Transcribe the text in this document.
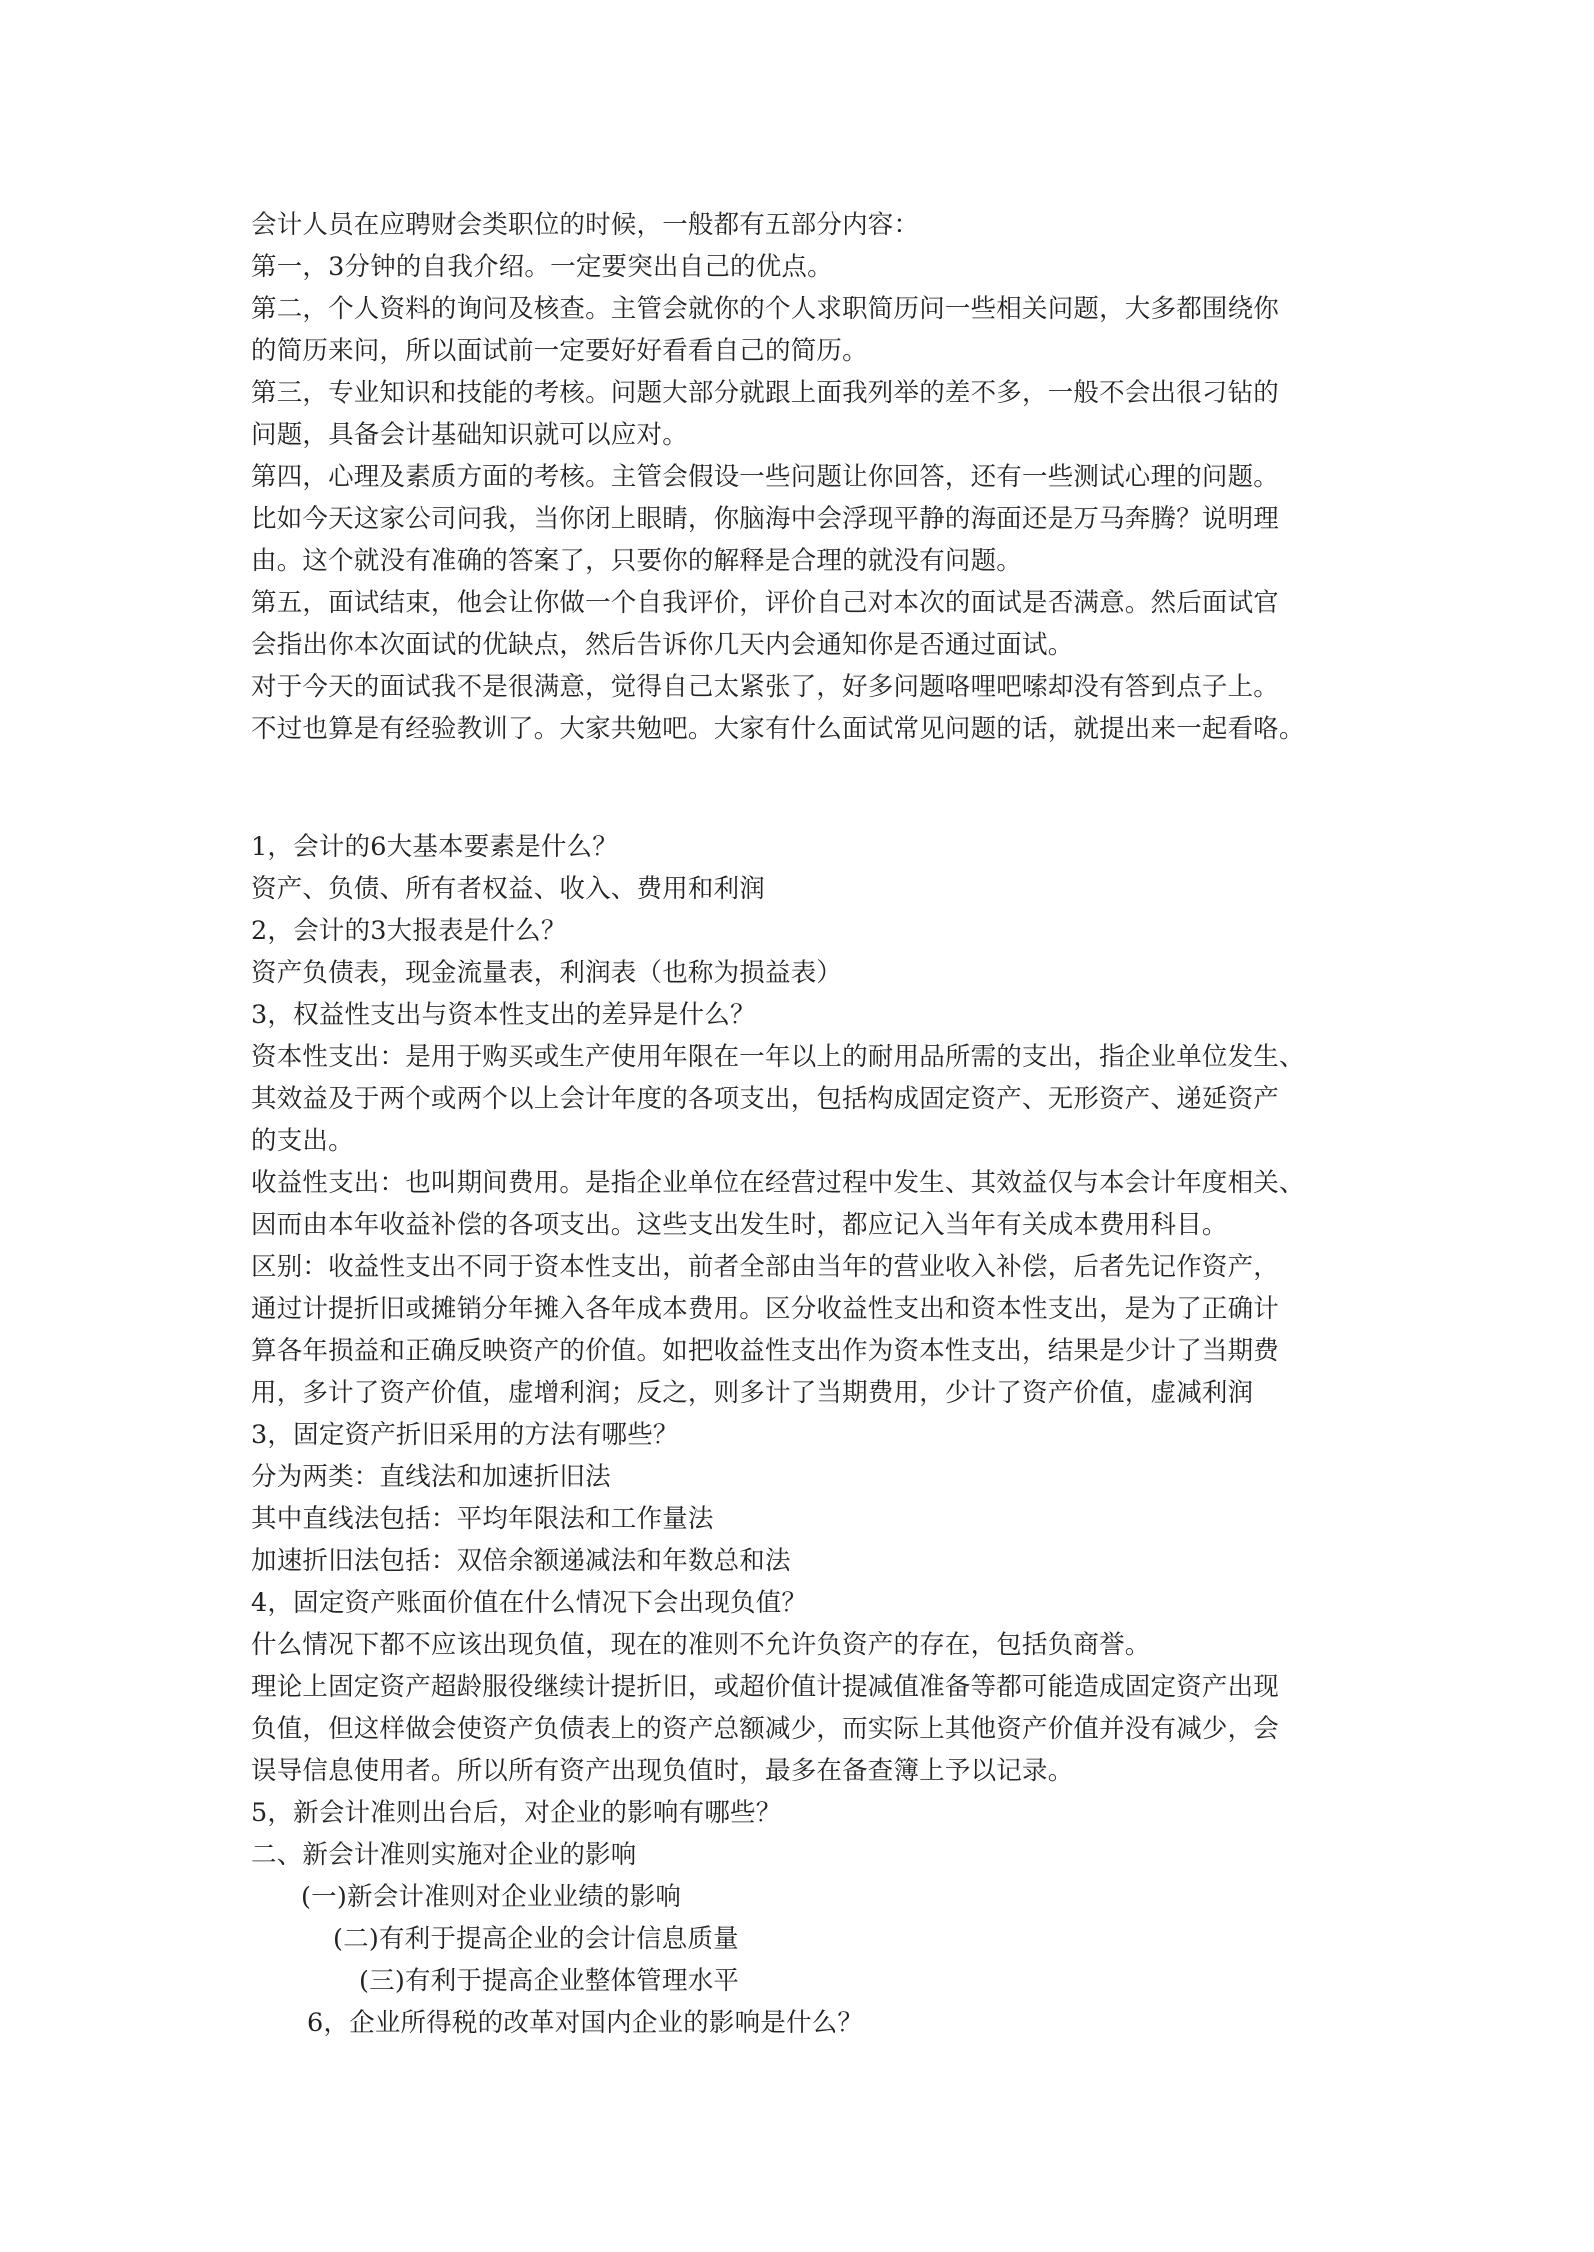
会计人员在应聘财会类职位的时候，一般都有五部分内容：
第一，3分钟的自我介绍。一定要突出自己的优点。
第二，个人资料的询问及核查。主管会就你的个人求职简历问一些相关问题，大多都围绕你
的简历来问，所以面试前一定要好好看看自己的简历。
第三，专业知识和技能的考核。问题大部分就跟上面我列举的差不多，一般不会出很刁钻的
问题，具备会计基础知识就可以应对。
第四，心理及素质方面的考核。主管会假设一些问题让你回答，还有一些测试心理的问题。
比如今天这家公司问我，当你闭上眼睛，你脑海中会浮现平静的海面还是万马奔腾？说明理
由。这个就没有准确的答案了，只要你的解释是合理的就没有问题。
第五，面试结束，他会让你做一个自我评价，评价自己对本次的面试是否满意。然后面试官
会指出你本次面试的优缺点，然后告诉你几天内会通知你是否通过面试。
对于今天的面试我不是很满意，觉得自己太紧张了，好多问题咯哩吧嗦却没有答到点子上。
不过也算是有经验教训了。大家共勉吧。大家有什么面试常见问题的话，就提出来一起看咯。
1，会计的6大基本要素是什么？
资产、负债、所有者权益、收入、费用和利润
2，会计的3大报表是什么？
资产负债表，现金流量表，利润表（也称为损益表）
3，权益性支出与资本性支出的差异是什么？
资本性支出：是用于购买或生产使用年限在一年以上的耐用品所需的支出，指企业单位发生、
其效益及于两个或两个以上会计年度的各项支出，包括构成固定资产、无形资产、递延资产
的支出。
收益性支出：也叫期间费用。是指企业单位在经营过程中发生、其效益仅与本会计年度相关、
因而由本年收益补偿的各项支出。这些支出发生时，都应记入当年有关成本费用科目。
区别：收益性支出不同于资本性支出，前者全部由当年的营业收入补偿，后者先记作资产，
通过计提折旧或摊销分年摊入各年成本费用。区分收益性支出和资本性支出，是为了正确计
算各年损益和正确反映资产的价值。如把收益性支出作为资本性支出，结果是少计了当期费
用，多计了资产价值，虚增利润；反之，则多计了当期费用，少计了资产价值，虚减利润
3，固定资产折旧采用的方法有哪些？
分为两类：直线法和加速折旧法
其中直线法包括：平均年限法和工作量法
加速折旧法包括：双倍余额递减法和年数总和法
4，固定资产账面价值在什么情况下会出现负值？
什么情况下都不应该出现负值，现在的准则不允许负资产的存在，包括负商誉。
理论上固定资产超龄服役继续计提折旧，或超价值计提减值准备等都可能造成固定资产出现
负值，但这样做会使资产负债表上的资产总额减少，而实际上其他资产价值并没有减少，会
误导信息使用者。所以所有资产出现负值时，最多在备查簿上予以记录。
5，新会计准则出台后，对企业的影响有哪些？
二、新会计准则实施对企业的影响
(一)新会计准则对企业业绩的影响
(二)有利于提高企业的会计信息质量
(三)有利于提高企业整体管理水平
6，企业所得税的改革对国内企业的影响是什么？
